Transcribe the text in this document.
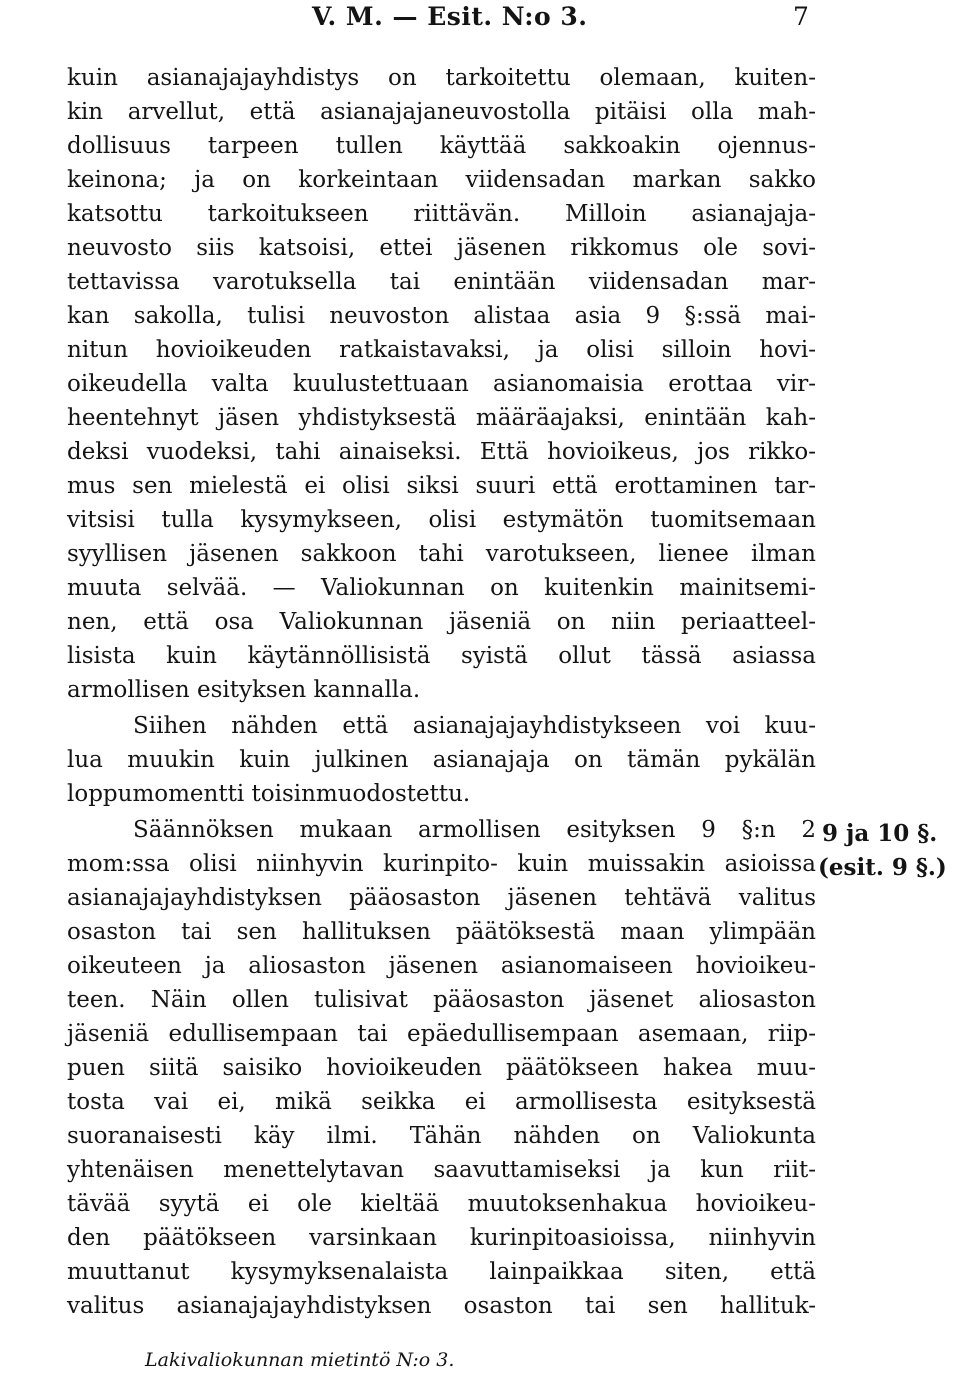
V. M. — Esit. N:o 3.	7
kuin asianajajayhdistys on tarkoitettu olemaan, kuiten-
kin arvellut, että asianajajaneuvostolla pitäisi olla mah-
dollisuus tarpeen tullen käyttää sakkoakin ojennus-
keinona; ja on korkeintaan viidensadan markan sakko
katsottu tarkoitukseen riittävän. Milloin asianajaja-
neuvosto siis katsoisi, ettei jäsenen rikkomus ole sovi-
tettavissa varotuksella tai enintään viidensadan mar-
kan sakolla, tulisi neuvoston alistaa asia 9 §:ssä mai-
nitun hovioikeuden ratkaistavaksi, ja olisi silloin hovi-
oikeudella valta kuulustettuaan asianomaisia erottaa vir-
heentehnyt jäsen yhdistyksestä määräajaksi, enintään kah-
deksi vuodeksi, tahi ainaiseksi. Että hovioikeus, jos rikko-
mus sen mielestä ei olisi siksi suuri että erottaminen tar-
vitsisi tulla kysymykseen, olisi estymätön tuomitsemaan
syyllisen jäsenen sakkoon tahi varotukseen, lienee ilman
muuta selvää. — Valiokunnan on kuitenkin mainitsemi-
nen, että osa Valiokunnan jäseniä on niin periaatteel-
lisista kuin käytännöllisistä syistä ollut tässä asiassa
armollisen esityksen kannalla.
Siihen nähden että asianajajayhdistykseen voi kuu-
lua muukin kuin julkinen asianajaja on tämän pykälän
loppumomentti toisinmuodostettu.
Säännöksen mukaan armollisen esityksen 9 §:n 2
mom:ssa olisi niinhyvin kurinpito- kuin muissakin asioissa
asianajajayhdistyksen pääosaston jäsenen tehtävä valitus
osaston tai sen hallituksen päätöksestä maan ylimpään
oikeuteen ja aliosaston jäsenen asianomaiseen hovioikeu-
teen. Näin ollen tulisivat pääosaston jäsenet aliosaston
jäseniä edullisempaan tai epäedullisempaan asemaan, riip-
puen siitä saisiko hovioikeuden päätökseen hakea muu-
tosta vai ei, mikä seikka ei armollisesta esityksestä
suoranaisesti käy ilmi. Tähän nähden on Valiokunta
yhtenäisen menettelytavan saavuttamiseksi ja kun riit-
tävää syytä ei ole kieltää muutoksenhakua hovioikeu-
den päätökseen varsinkaan kurinpitoasioissa, niinhyvin
muuttanut kysymyksenalaista lainpaikkaa siten, että
valitus asianajajayhdistyksen osaston tai sen hallituk-
9 ja 10 §.
(esit. 9 §.)
Lakivaliokunnan mietintö N:o 3.
